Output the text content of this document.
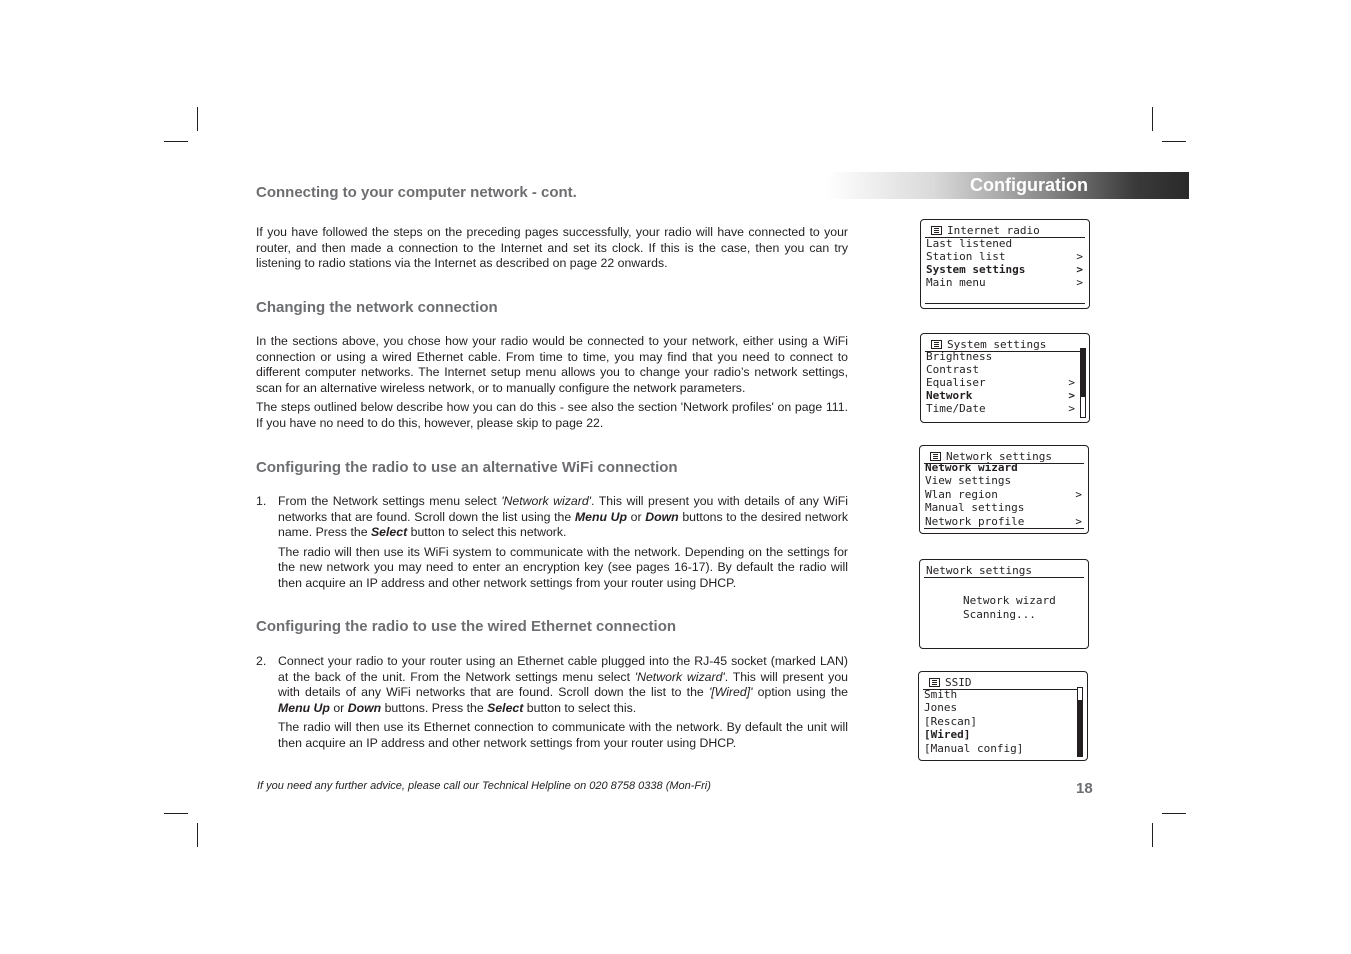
Configuration
Connecting to your computer network - cont.

If you have followed the steps on the preceding pages successfully, your radio will have connected to your router, and then made a connection to the Internet and set its clock. If this is the case, then you can try listening to radio stations via the Internet as described on page 22 onwards.

Changing the network connection

In the sections above, you chose how your radio would be connected to your network, either using a WiFi connection or using a wired Ethernet cable. From time to time, you may find that you need to connect to different computer networks. The Internet setup menu allows you to change your radio’s network settings, scan for an alternative wireless network, or to manually configure the network parameters.

The steps outlined below describe how you can do this - see also the section 'Network profiles' on page 111. If you have no need to do this, however, please skip to page 22.

Configuring the radio to use an alternative WiFi connection
1. From the Network settings menu select 'Network wizard'. This will present you with details of any WiFi networks that are found. Scroll down the list using the Menu Up or Down buttons to the desired network name. Press the Select button to select this network.

The radio will then use its WiFi system to communicate with the network. Depending on the settings for the new network you may need to enter an encryption key (see pages 16-17). By default the radio will then acquire an IP address and other network settings from your router using DHCP.

Configuring the radio to use the wired Ethernet connection
2. Connect your radio to your router using an Ethernet cable plugged into the RJ-45 socket (marked LAN) at the back of the unit. From the Network settings menu select 'Network wizard'. This will present you with details of any WiFi networks that are found. Scroll down the list to the '[Wired]' option using the Menu Up or Down buttons. Press the Select button to select this.

The radio will then use its Ethernet connection to communicate with the network. By default the unit will then acquire an IP address and other network settings from your router using DHCP.

If you need any further advice, please call our Technical Helpline on 020 8758 0338 (Mon-Fri)	18
Internet radio
Last listened
Station list	>
System settings	>
Main menu	>
System settings
Brightness
Contrast
Equaliser	>
Network	>
Time/Date	>
Network settings
Network wizard
View settings
Wlan region	>
Manual settings
Network profile	>
Network settings
Network wizard
Scanning...
SSID
Smith
Jones
[Rescan]
[Wired]
[Manual config]
